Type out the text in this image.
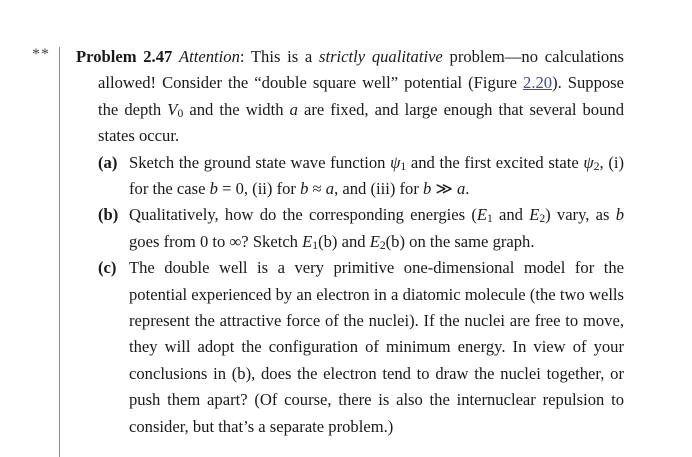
** Problem 2.47 Attention: This is a strictly qualitative problem—no calculations allowed! Consider the “double square well” potential (Figure 2.20). Suppose the depth $V_0$ and the width a are fixed, and large enough that several bound states occur.

(a) Sketch the ground state wave function $\psi_1$ and the first excited state $\psi_2$, (i) for the case b = 0, (ii) for b ≈ a, and (iii) for b ≫ a.
(b) Qualitatively, how do the corresponding energies ($E_1$ and $E_2$) vary, as b goes from 0 to ∞? Sketch $E_1(b)$ and $E_2(b)$ on the same graph.
(c) The double well is a very primitive one-dimensional model for the potential experienced by an electron in a diatomic molecule (the two wells represent the attractive force of the nuclei). If the nuclei are free to move, they will adopt the configuration of minimum energy. In view of your conclusions in (b), does the electron tend to draw the nuclei together, or push them apart? (Of course, there is also the internuclear repulsion to consider, but that’s a separate problem.)
